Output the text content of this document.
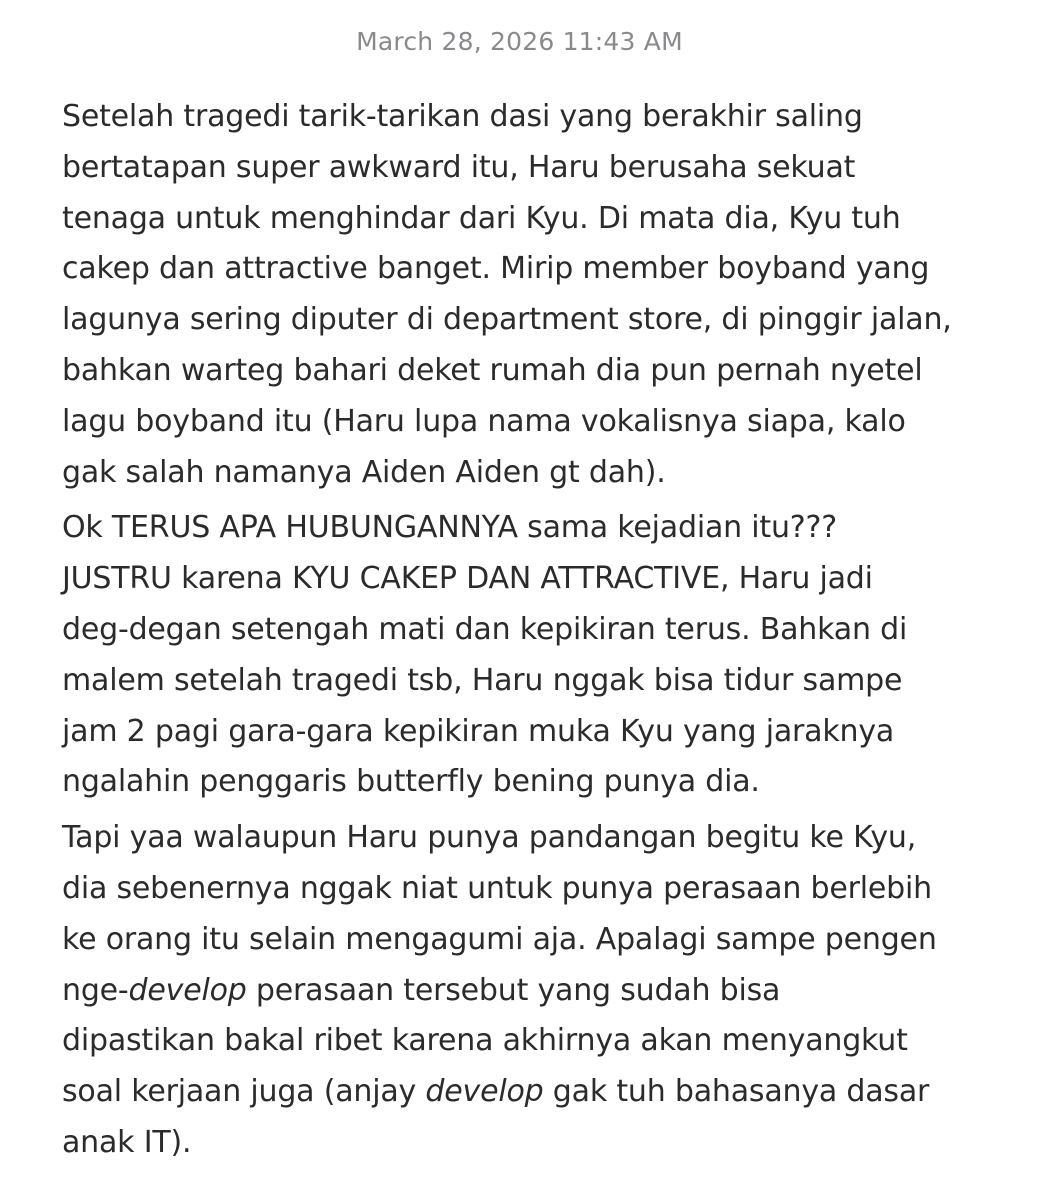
March 28, 2026 11:43 AM

Setelah tragedi tarik-tarikan dasi yang berakhir saling
bertatapan super awkward itu, Haru berusaha sekuat
tenaga untuk menghindar dari Kyu. Di mata dia, Kyu tuh
cakep dan attractive banget. Mirip member boyband yang
lagunya sering diputer di department store, di pinggir jalan,
bahkan warteg bahari deket rumah dia pun pernah nyetel
lagu boyband itu (Haru lupa nama vokalisnya siapa, kalo
gak salah namanya Aiden Aiden gt dah).

Ok TERUS APA HUBUNGANNYA sama kejadian itu???
JUSTRU karena KYU CAKEP DAN ATTRACTIVE, Haru jadi
deg-degan setengah mati dan kepikiran terus. Bahkan di
malem setelah tragedi tsb, Haru nggak bisa tidur sampe
jam 2 pagi gara-gara kepikiran muka Kyu yang jaraknya
ngalahin penggaris butterfly bening punya dia.

Tapi yaa walaupun Haru punya pandangan begitu ke Kyu,
dia sebenernya nggak niat untuk punya perasaan berlebih
ke orang itu selain mengagumi aja. Apalagi sampe pengen
nge-develop perasaan tersebut yang sudah bisa
dipastikan bakal ribet karena akhirnya akan menyangkut
soal kerjaan juga (anjay develop gak tuh bahasanya dasar
anak IT).
